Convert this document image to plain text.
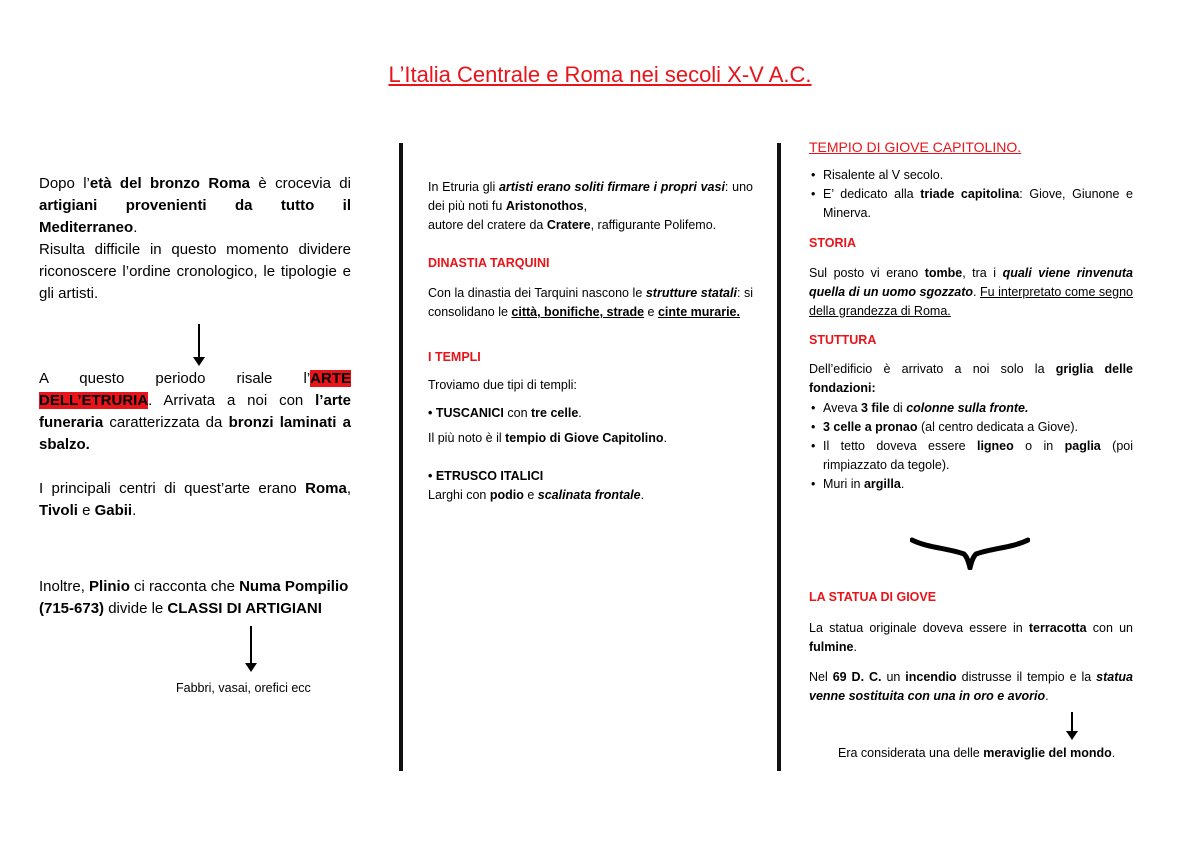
L’Italia Centrale e Roma nei secoli X-V A.C.

Dopo l’età del bronzo Roma è crocevia di artigiani provenienti da tutto il Mediterraneo.

Risulta difficile in questo momento dividere riconoscere l’ordine cronologico, le tipologie e gli artisti.

A questo periodo risale l’ARTE DELL’ETRURIA. Arrivata a noi con l’arte funeraria caratterizzata da bronzi laminati a sbalzo.

I principali centri di quest’arte erano Roma, Tivoli e Gabii.

Inoltre, Plinio ci racconta che Numa Pompilio (715-673) divide le CLASSI DI ARTIGIANI

Fabbri, vasai, orefici ecc

In Etruria gli artisti erano soliti firmare i propri vasi: uno dei più noti fu Aristonothos,

autore del cratere da Cratere, raffigurante Polifemo.

DINASTIA TARQUINI

Con la dinastia dei Tarquini nascono le strutture statali: si consolidano le città, bonifiche, strade e cinte murarie.

I TEMPLI

Troviamo due tipi di templi:

• TUSCANICI con tre celle.

Il più noto è il tempio di Giove Capitolino.

• ETRUSCO ITALICI

Larghi con podio e scalinata frontale.

TEMPIO DI GIOVE CAPITOLINO.

• Risalente al V secolo.
• E’ dedicato alla triade capitolina: Giove, Giunone e Minerva.

STORIA

Sul posto vi erano tombe, tra i quali viene rinvenuta quella di un uomo sgozzato. Fu interpretato come segno della grandezza di Roma.

STUTTURA

Dell’edificio è arrivato a noi solo la griglia delle fondazioni:

• Aveva 3 file di colonne sulla fronte.
• 3 celle a pronao (al centro dedicata a Giove).
• Il tetto doveva essere ligneo o in paglia (poi rimpiazzato da tegole).
• Muri in argilla.

LA STATUA DI GIOVE

La statua originale doveva essere in terracotta con un fulmine.

Nel 69 D. C. un incendio distrusse il tempio e la statua venne sostituita con una in oro e avorio.

Era considerata una delle meraviglie del mondo.
